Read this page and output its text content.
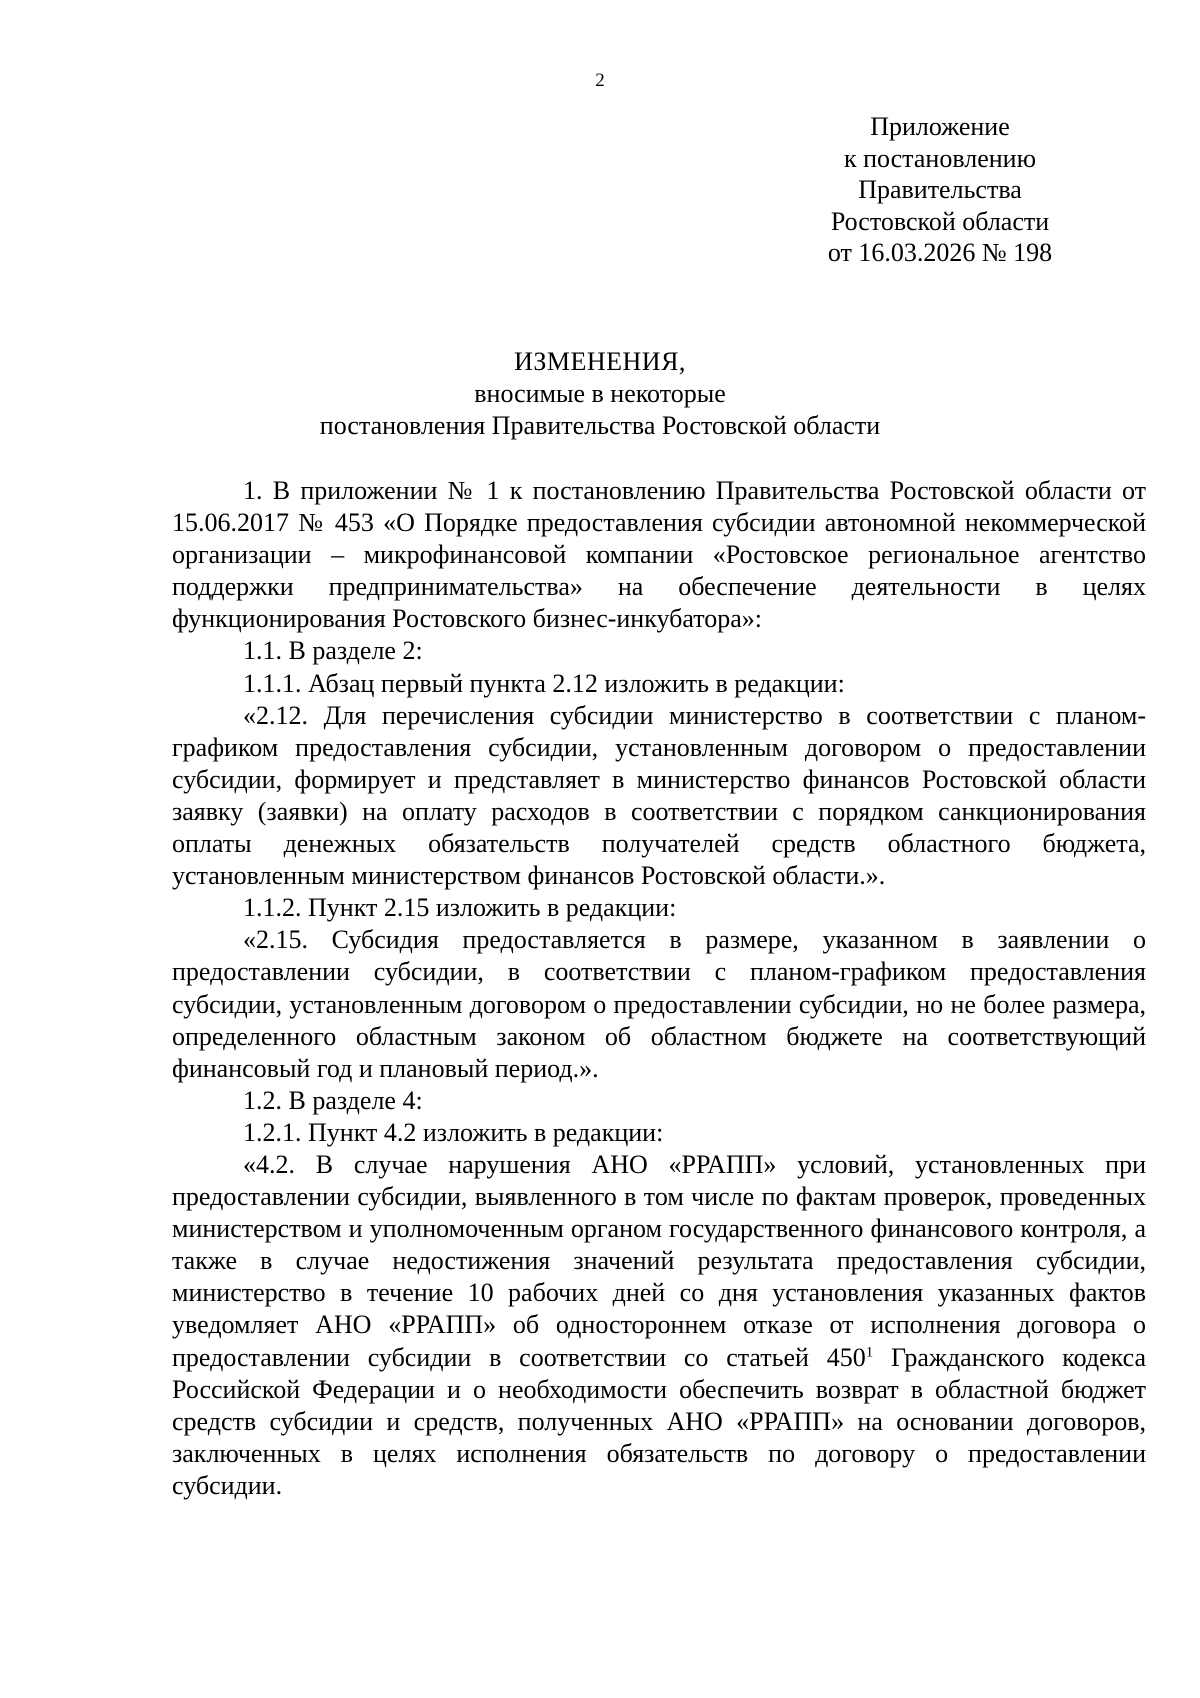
2
Приложение
к постановлению
Правительства
Ростовской области
от 16.03.2026 № 198
ИЗМЕНЕНИЯ,
вносимые в некоторые
постановления Правительства Ростовской области

1. В приложении № 1 к постановлению Правительства Ростовской области от 15.06.2017 № 453 «О Порядке предоставления субсидии автономной некоммерческой организации – микрофинансовой компании «Ростовское региональное агентство поддержки предпринимательства» на обеспечение деятельности в целях функционирования Ростовского бизнес-инкубатора»:

1.1. В разделе 2:

1.1.1. Абзац первый пункта 2.12 изложить в редакции:

«2.12. Для перечисления субсидии министерство в соответствии с планом-графиком предоставления субсидии, установленным договором о предоставлении субсидии, формирует и представляет в министерство финансов Ростовской области заявку (заявки) на оплату расходов в соответствии с порядком санкционирования оплаты денежных обязательств получателей средств областного бюджета, установленным министерством финансов Ростовской области.».

1.1.2. Пункт 2.15 изложить в редакции:

«2.15. Субсидия предоставляется в размере, указанном в заявлении о предоставлении субсидии, в соответствии с планом-графиком предоставления субсидии, установленным договором о предоставлении субсидии, но не более размера, определенного областным законом об областном бюджете на соответствующий финансовый год и плановый период.».

1.2. В разделе 4:

1.2.1. Пункт 4.2 изложить в редакции:

«4.2. В случае нарушения АНО «РРАПП» условий, установленных при предоставлении субсидии, выявленного в том числе по фактам проверок, проведенных министерством и уполномоченным органом государственного финансового контроля, а также в случае недостижения значений результата предоставления субсидии, министерство в течение 10 рабочих дней со дня установления указанных фактов уведомляет АНО «РРАПП» об одностороннем отказе от исполнения договора о предоставлении субсидии в соответствии со статьей $450^1$ Гражданского кодекса Российской Федерации и о необходимости обеспечить возврат в областной бюджет средств субсидии и средств, полученных АНО «РРАПП» на основании договоров, заключенных в целях исполнения обязательств по договору о предоставлении субсидии.
